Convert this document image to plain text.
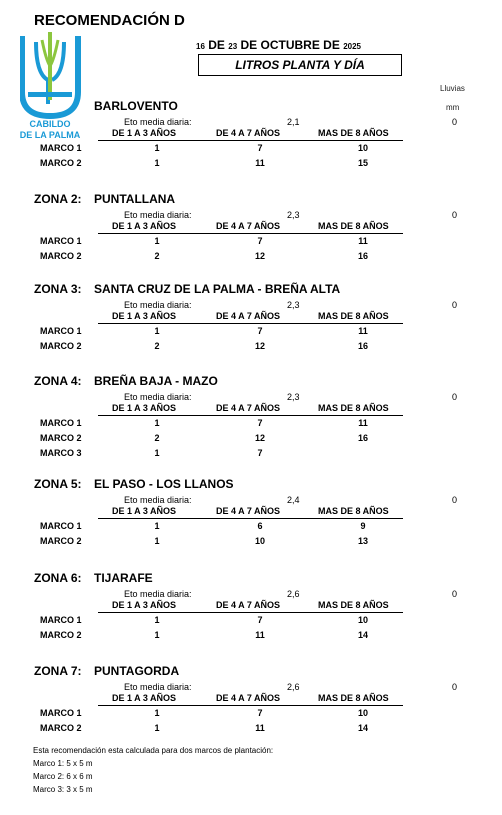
RECOMENDACIÓN D
16 DE 23 DE OCTUBRE DE 2025
LITROS PLANTA Y DÍA
Lluvias
mm
CABILDO
DE LA PALMA
BARLOVENTO
Eto media diaria:	2,1	0
DE 1 A 3 AÑOS	DE 4 A 7 AÑOS	MAS DE 8 AÑOS
MARCO 1	1	7	10
MARCO 2	1	11	15
ZONA 2: PUNTALLANA
Eto media diaria:	2,3	0
DE 1 A 3 AÑOS	DE 4 A 7 AÑOS	MAS DE 8 AÑOS
MARCO 1	1	7	11
MARCO 2	2	12	16
ZONA 3: SANTA CRUZ DE LA PALMA - BREÑA ALTA
Eto media diaria:	2,3	0
DE 1 A 3 AÑOS	DE 4 A 7 AÑOS	MAS DE 8 AÑOS
MARCO 1	1	7	11
MARCO 2	2	12	16
ZONA 4: BREÑA BAJA - MAZO
Eto media diaria:	2,3	0
DE 1 A 3 AÑOS	DE 4 A 7 AÑOS	MAS DE 8 AÑOS
MARCO 1	1	7	11
MARCO 2	2	12	16
MARCO 3	1	7
ZONA 5: EL PASO - LOS LLANOS
Eto media diaria:	2,4	0
DE 1 A 3 AÑOS	DE 4 A 7 AÑOS	MAS DE 8 AÑOS
MARCO 1	1	6	9
MARCO 2	1	10	13
ZONA 6: TIJARAFE
Eto media diaria:	2,6	0
DE 1 A 3 AÑOS	DE 4 A 7 AÑOS	MAS DE 8 AÑOS
MARCO 1	1	7	10
MARCO 2	1	11	14
ZONA 7: PUNTAGORDA
Eto media diaria:	2,6	0
DE 1 A 3 AÑOS	DE 4 A 7 AÑOS	MAS DE 8 AÑOS
MARCO 1	1	7	10
MARCO 2	1	11	14
Esta recomendación esta calculada para dos marcos de plantación:
Marco 1: 5 x 5 m
Marco 2: 6 x 6 m
Marco 3: 3 x 5 m
